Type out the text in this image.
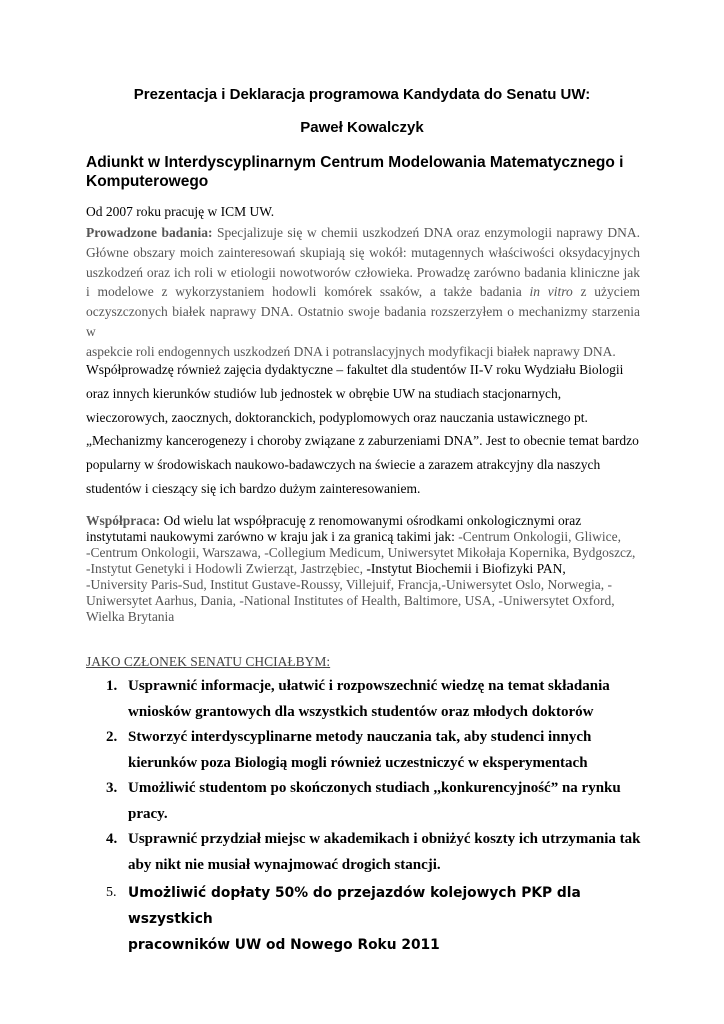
Prezentacja i Deklaracja programowa Kandydata do Senatu UW:
Paweł Kowalczyk
Adiunkt w Interdyscyplinarnym Centrum Modelowania Matematycznego i
Komputerowego
Od 2007 roku pracuję w ICM UW.
Prowadzone badania: Specjalizuje się w chemii uszkodzeń DNA oraz enzymologii naprawy DNA.
Główne obszary moich zainteresowań skupiają się wokół: mutagennych właściwości oksydacyjnych
uszkodzeń oraz ich roli w etiologii nowotworów człowieka. Prowadzę zarówno badania kliniczne jak
i modelowe z wykorzystaniem hodowli komórek ssaków, a także badania in vitro z użyciem
oczyszczonych białek naprawy DNA. Ostatnio swoje badania rozszerzyłem o mechanizmy starzenia w
aspekcie roli endogennych uszkodzeń DNA i potranslacyjnych modyfikacji białek naprawy DNA.
Współprowadzę również zajęcia dydaktyczne – fakultet dla studentów II-V roku Wydziału Biologii
oraz innych kierunków studiów lub jednostek w obrębie UW na studiach stacjonarnych,
wieczorowych, zaocznych, doktoranckich, podyplomowych oraz nauczania ustawicznego pt.
„Mechanizmy kancerogenezy i choroby związane z zaburzeniami DNA”. Jest to obecnie temat bardzo
popularny w środowiskach naukowo-badawczych na świecie a zarazem atrakcyjny dla naszych
studentów i cieszący się ich bardzo dużym zainteresowaniem.
Współpraca: Od wielu lat współpracuję z renomowanymi ośrodkami onkologicznymi oraz
instytutami naukowymi zarówno w kraju jak i za granicą takimi jak: -Centrum Onkologii, Gliwice,
-Centrum Onkologii, Warszawa, -Collegium Medicum, Uniwersytet Mikołaja Kopernika, Bydgoszcz,
-Instytut Genetyki i Hodowli Zwierząt, Jastrzębiec, -Instytut Biochemii i Biofizyki PAN,
-University Paris-Sud, Institut Gustave-Roussy, Villejuif, Francja,-Uniwersytet Oslo, Norwegia, -
Uniwersytet Aarhus, Dania, -National Institutes of Health, Baltimore, USA, -Uniwersytet Oxford,
Wielka Brytania
JAKO CZŁONEK SENATU CHCIAŁBYM:
1. Usprawnić informacje, ułatwić i rozpowszechnić wiedzę na temat składania
wniosków grantowych dla wszystkich studentów oraz młodych doktorów
2. Stworzyć interdyscyplinarne metody nauczania tak, aby studenci innych
kierunków poza Biologią mogli również uczestniczyć w eksperymentach
3. Umożliwić studentom po skończonych studiach ,,konkurencyjność” na rynku
pracy.
4. Usprawnić przydział miejsc w akademikach i obniżyć koszty ich utrzymania tak
aby nikt nie musiał wynajmować drogich stancji.
5. Umożliwić dopłaty 50% do przejazdów kolejowych PKP dla wszystkich
pracowników UW od Nowego Roku 2011
